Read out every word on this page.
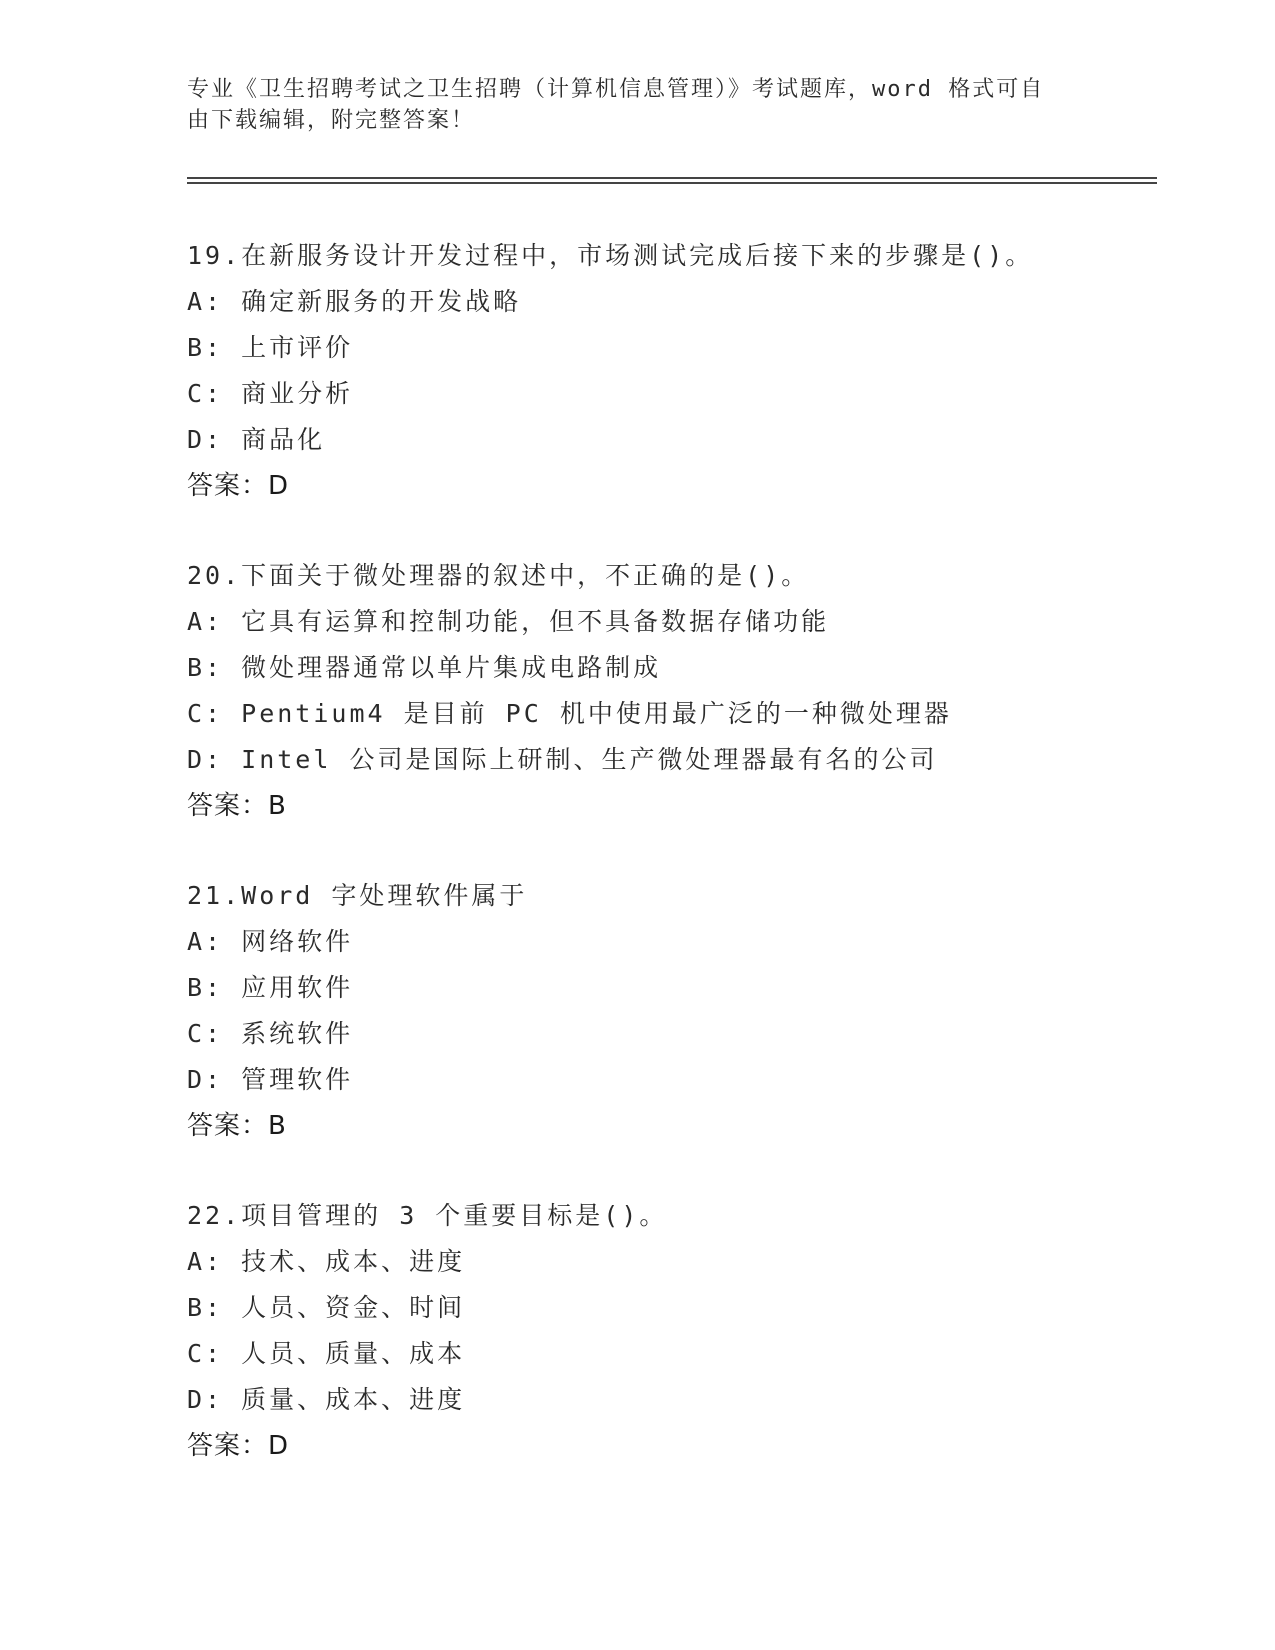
专业《卫生招聘考试之卫生招聘（计算机信息管理）》考试题库，word 格式可自
由下载编辑，附完整答案！
19.在新服务设计开发过程中，市场测试完成后接下来的步骤是()。
A: 确定新服务的开发战略
B: 上市评价
C: 商业分析
D: 商品化
答案：D
20.下面关于微处理器的叙述中，不正确的是()。
A: 它具有运算和控制功能，但不具备数据存储功能
B: 微处理器通常以单片集成电路制成
C: Pentium4 是目前 PC 机中使用最广泛的一种微处理器
D: Intel 公司是国际上研制、生产微处理器最有名的公司
答案：B
21.Word 字处理软件属于
A: 网络软件
B: 应用软件
C: 系统软件
D: 管理软件
答案：B
22.项目管理的 3 个重要目标是()。
A: 技术、成本、进度
B: 人员、资金、时间
C: 人员、质量、成本
D: 质量、成本、进度
答案：D
